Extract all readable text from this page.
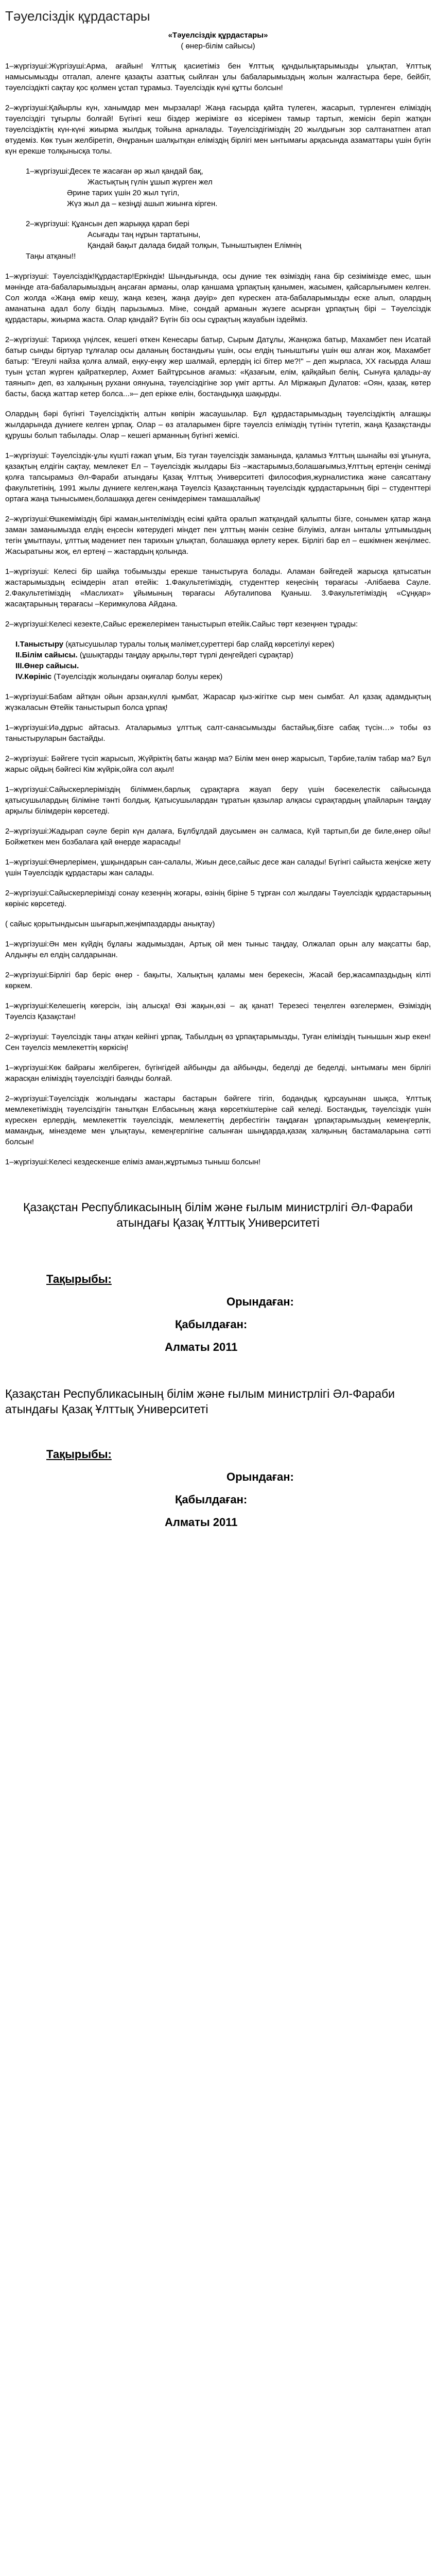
Тәуелсіздік құрдастары
«Тәуелсіздік құрдастары»
( өнер-білім сайысы)

1–жүргізуші:Жүргізуші:Арма, ағайын! Ұлттық қасиетіміз бен Ұлттық құндылықтарымызды ұлықтап, Ұлттық намысымызды отгалап, аленге қазақты азаттық сыйлған ұлы бабаларымыздың жолын жалғастыра бере, бейбіт, тәуелсіздікті сақтау қос қолмен ұстап тұрамыз. Тәуелсіздік күні құтты болсын!

2–жүргізуші:Қайырлы күн, ханымдар мен мырзалар! Жаңа ғасырда қайта түлеген, жасарып, түрленген еліміздің тәуелсіздігі тұғырлы болғай! Бүгінгі кеш біздер жерімізге өз кісерімен тамыр тартып, жемісін беріп жатқан тәуелсіздіктің күн-күні жиырма жылдық тойына арналады. Тәуелсіздігіміздің 20 жылдығын зор салтанатпен атап өтудеміз. Көк туын желбіретіп, Әнұранын шалқытқан еліміздің бірлігі мен ынтымағы арқасында азаматтары үшін бүгін күн ерекше толқынысқа толы.

1–жүргізуші:Десек те жасаған әр жыл қандай бақ,
Жастықтың гүлін ұшып жүрген жел
Әрине тарих үшін 20 жыл түгіл,
Жүз жыл да – кезіңді ашып жиынға кірген.
2–жүргізуші: Құансын деп жарыққа қарап бері
Асығады таң нұрын тартатыны,
Қандай бақыт далада бидай толқын, Тыныштықпен Елімнің
Таңы атқаны!!

1–жүргізуші: Тәуелсіздік!Құрдастар!Еркіндік! Шындығында, осы дүние тек өзіміздің ғана бір сезімімізде емес, шын мәнінде ата-бабаларымыздың аңсаған арманы, олар қаншама ұрпақтың қанымен, жасымен, қайсарлығымен келген. Сол жолда «Жаңа өмір кешу, жаңа кезең, жаңа дәуір» деп күрескен ата-бабаларымызды еске алып, олардың аманатына адал болу біздің парызымыз. Міне, сондай арманын жүзеге асырған ұрпақтың бірі – Тәуелсіздік құрдастары, жиырма жаста. Олар қандай? Бүгін біз осы сұрақтың жауабын іздейміз.

2–жүргізуші: Тарихқа үңілсек, кешегі өткен Кенесары батыр, Сырым Датұлы, Жанқожа батыр, Махамбет пен Исатай батыр сынды біртуар тұлғалар осы даланың бостандығы үшін, осы елдің тыныштығы үшін өш алған жоқ. Махамбет батыр: "Егеулі найза қолға алмай, еңку-еңку жер шалмай, ерлердің ісі бітер ме?!" – деп жырласа, ХХ ғасырда Алаш туын ұстап жүрген қайраткерлер, Ахмет Байтұрсынов ағамыз: «Қазағым, елім, қайқайып белің, Сынуға қалады-ау таянып» деп, өз халқының рухани оянуына, тәуелсіздігіне зор үміт артты. Ал Міржақып Дулатов: «Оян, қазақ, көтер басты, басқа жаттар кетер болса...»– деп ерікке елін, бостандыққа шақырды.

Олардың бәрі бүгінгі Тәуелсіздіктің алтын көпірін жасаушылар. Бұл құрдастарымыздың тәуелсіздіктің алғашқы жылдарында дүниеге келген ұрпақ. Олар – өз аталарымен бірге тәуелсіз еліміздің түтінін түтетіп, жаңа Қазақстанды құрушы болып табылады. Олар – кешегі арманның бүгінгі жемісі.

1–жүргізуші: Тәуелсіздік-ұлы күшті ғажап ұғым, Біз туған тәуелсіздік заманында, қаламыз Ұлттың шынайы өзі ұғынуға, қазақтың елдігін сақтау, мемлекет Ел – Тәуелсіздік жылдары Біз –жастарымыз,болашағымыз,Ұлттың ертеңін сенімді қолға тапсырамыз Әл-Фараби атындағы Қазақ Ұлттық Университеті философия,журналистика және саясаттану факультетінің, 1991 жылы дүниеге келген,жаңа Тәуелсіз Қазақстанның тәуелсіздік құрдастарының бірі – студенттері ортаға жаңа тынысымен,болашаққа деген сенімдерімен тамашалайық!

2–жүргізуші:Өшкеміміздің бірі жаман,ынтеліміздің есімі қайта оралып жатқандай қалыпты бізге, сонымен қатар жаңа заман заманымызда елдің еңсесін көтерудегі міндет пен ұлттың мәнін сезіне білуіміз, алған ынталы ұлтымыздың тегін ұмытпауы, ұлттық мәдениет пен тарихын ұлықтап, болашаққа өрлету керек. Бірлігі бар ел – ешкімнен жеңілмес. Жасыратыны жоқ, ел ертеңі – жастардың қолында.

1–жүргізуші: Келесі бір шайқа тобымызды ерекше таныстыруға болады. Аламан бәйгедей жарысқа қатысатын жастарымыздың есімдерін атап өтейік: 1.Факультетіміздің, студенттер кеңесінің төрағасы -Алібаева Сауле. 2.Факультетіміздің «Маслихат» ұйымының төрағасы Абуталипова Қуаныш. 3.Факультетіміздің «Сұңқар» жасақтарының төрағасы –Керимкулова Айдана.

2–жүргізуші:Келесі кезекте,Сайыс ережелерімен таныстырып өтейік.Сайыс төрт кезеңнен тұрады:

I.Таныстыру (қатысушылар туралы толық мәлімет,суреттері бар слайд көрсетілуі керек)
II.Білім сайысы. (ұшықтарды таңдау арқылы,төрт түрлі деңгейдегі сұрақтар)
III.Өнер сайысы.
IV.Көрініс (Тәуелсіздік жолындағы оқиғалар болуы керек)

1–жүргізуші:Бабам айтқан ойын арзан,күллі қымбат, Жарасар қыз-жігітке сыр мен сымбат. Ал қазақ адамдықтың жүзкаласын Өтейік таныстырып болса ұрпақ!

1–жүргізуші:Иә,дұрыс айтасыз. Аталарымыз ұлттық салт-санасымызды бастайық,бізге сабақ түсін…» тобы өз таныстыруларын бастайды.

2–жүргізуші: Бәйгеге түсіп жарысып, Жүйріктің баты жаңар ма? Білім мен өнер жарысып, Тәрбие,талім табар ма? Бұл жарыс ойдың бәйгесі Кім жүйрік,ойға сол ақыл!

1–жүргізуші:Сайыскерлеріміздің біліммен,барлық сұрақтарға жауап беру үшін бәсекелестік сайысында қатысушылардың біліміне тәнті болдық. Қатысушылардан тұратын қазылар алқасы сұрақтардың ұпайларын таңдау арқылы білімдерін көрсетеді.

2–жүргізуші:Жадырап сәуле беріп күн далаға, Бұлбұлдай даусымен ән салмаса, Күй тартып,би де биле,өнер ойы! Бойжеткен мен бозбалаға қай өнерде жарасады!

1–жүргізуші:Өнерлерімен, ұшқындарын сан-салалы, Жиын десе,сайыс десе жан салады! Бүгінгі сайыста жеңіске жету үшін Тәуелсіздік құрдастары жан салады.

2–жүргізуші:Сайыскерлерімізді сонау кезеңнің жоғары, өзінің біріне 5 тұрған сол жылдағы Тәуелсіздік құрдастарының көрініс көрсетеді.

( сайыс қорытындысын шығарып,жеңімпаздарды анықтау)

1–жүргізуші:Ән мен күйдің бұлағы жадымыздан, Артық ой мен тыныс таңдау, Олжалап орын алу мақсатты бар, Алдыңғы ел елдің салдарынан.

2–жүргізуші:Бірлігі бар беріс өнер - бақыты, Халықтың қаламы мен берекесін, Жасай бер,жасампаздыдың кілті көркем.

1–жүргізуші:Келешегің көгерсін, ізің алысқа! Өзі жақын,өзі – ақ қанат! Терезесі теңелген өзгелермен, Өзіміздің Тәуелсіз Қазақстан!

2–жүргізуші: Тәуелсіздік таңы атқан кейінгі ұрпақ, Табылдың өз ұрпақтарымызды, Туған еліміздің тынышын жыр екен! Сен тәуелсіз мемлекеттің көркісің!

1–жүргізуші:Көк байрағы желбіреген, бүгінгідей айбынды да айбынды, беделді де беделді, ынтымағы мен бірлігі жарасқан еліміздің тәуелсіздігі баянды болғай.

2–жүргізуші:Тәуелсіздік жолындағы жастары бастарын бәйгеге тігіп, бодандық құрсауынан шықса, Ұлттық мемлекетіміздің тәуелсіздігін танытқан Елбасының жаңа көрсеткіштеріне сай келеді. Бостандық, тәуелсіздік үшін күрескен ерлердің, мемлекеттік тәуелсіздік, мемлекеттің дербестігін таңдаған ұрпақтарымыздың кемеңгерлік, мамандық, мінездеме мен ұлықтауы, кемеңгерлігіне салынған шыңдарда,қазақ халқының бастамаларына сәтті болсын!

1–жүргізуші:Келесі кездескенше еліміз аман,жұртымыз тыныш болсын!

Қазақстан Республикасының білім және ғылым министрлігі Әл-Фараби атындағы Қазақ Ұлттық Университеті
Тақырыбы:
Орындаған:
Қабылдаған:
Алматы 2011
Қазақстан Республикасының білім және ғылым министрлігі Әл-Фараби атындағы Қазақ Ұлттық Университеті
Тақырыбы:
Орындаған:
Қабылдаған:
Алматы 2011
